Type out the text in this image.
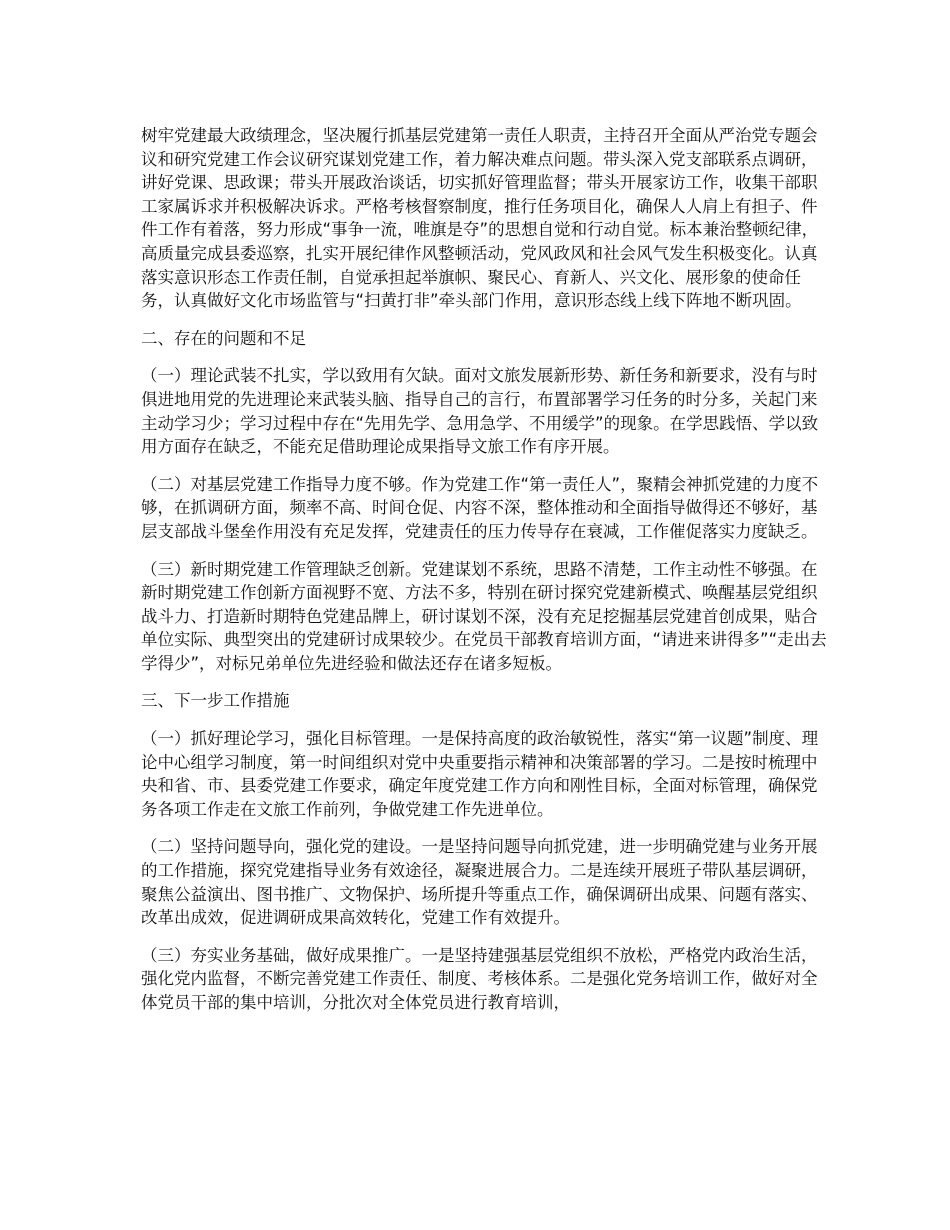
树牢党建最大政绩理念，坚决履行抓基层党建第一责任人职责，主持召开全面从严治党专题会议和研究党建工作会议研究谋划党建工作，着力解决难点问题。带头深入党支部联系点调研，讲好党课、思政课；带头开展政治谈话，切实抓好管理监督；带头开展家访工作，收集干部职工家属诉求并积极解决诉求。严格考核督察制度，推行任务项目化，确保人人肩上有担子、件件工作有着落，努力形成“事争一流，唯旗是夺”的思想自觉和行动自觉。标本兼治整顿纪律，高质量完成县委巡察，扎实开展纪律作风整顿活动，党风政风和社会风气发生积极变化。认真落实意识形态工作责任制，自觉承担起举旗帜、聚民心、育新人、兴文化、展形象的使命任务，认真做好文化市场监管与“扫黄打非”牵头部门作用，意识形态线上线下阵地不断巩固。

二、存在的问题和不足

（一）理论武装不扎实，学以致用有欠缺。面对文旅发展新形势、新任务和新要求，没有与时俱进地用党的先进理论来武装头脑、指导自己的言行，布置部署学习任务的时分多，关起门来主动学习少；学习过程中存在“先用先学、急用急学、不用缓学”的现象。在学思践悟、学以致用方面存在缺乏，不能充足借助理论成果指导文旅工作有序开展。

（二）对基层党建工作指导力度不够。作为党建工作“第一责任人”，聚精会神抓党建的力度不够，在抓调研方面，频率不高、时间仓促、内容不深，整体推动和全面指导做得还不够好，基层支部战斗堡垒作用没有充足发挥，党建责任的压力传导存在衰减，工作催促落实力度缺乏。

（三）新时期党建工作管理缺乏创新。党建谋划不系统，思路不清楚，工作主动性不够强。在新时期党建工作创新方面视野不宽、方法不多，特别在研讨探究党建新模式、唤醒基层党组织战斗力、打造新时期特色党建品牌上，研讨谋划不深，没有充足挖掘基层党建首创成果，贴合单位实际、典型突出的党建研讨成果较少。在党员干部教育培训方面，“请进来讲得多”“走出去学得少”，对标兄弟单位先进经验和做法还存在诸多短板。

三、下一步工作措施

（一）抓好理论学习，强化目标管理。一是保持高度的政治敏锐性，落实“第一议题”制度、理论中心组学习制度，第一时间组织对党中央重要指示精神和决策部署的学习。二是按时梳理中央和省、市、县委党建工作要求，确定年度党建工作方向和刚性目标，全面对标管理，确保党务各项工作走在文旅工作前列，争做党建工作先进单位。

（二）坚持问题导向，强化党的建设。一是坚持问题导向抓党建，进一步明确党建与业务开展的工作措施，探究党建指导业务有效途径，凝聚进展合力。二是连续开展班子带队基层调研，聚焦公益演出、图书推广、文物保护、场所提升等重点工作，确保调研出成果、问题有落实、改革出成效，促进调研成果高效转化，党建工作有效提升。

（三）夯实业务基础，做好成果推广。一是坚持建强基层党组织不放松，严格党内政治生活，强化党内监督，不断完善党建工作责任、制度、考核体系。二是强化党务培训工作，做好对全体党员干部的集中培训，分批次对全体党员进行教育培训，
